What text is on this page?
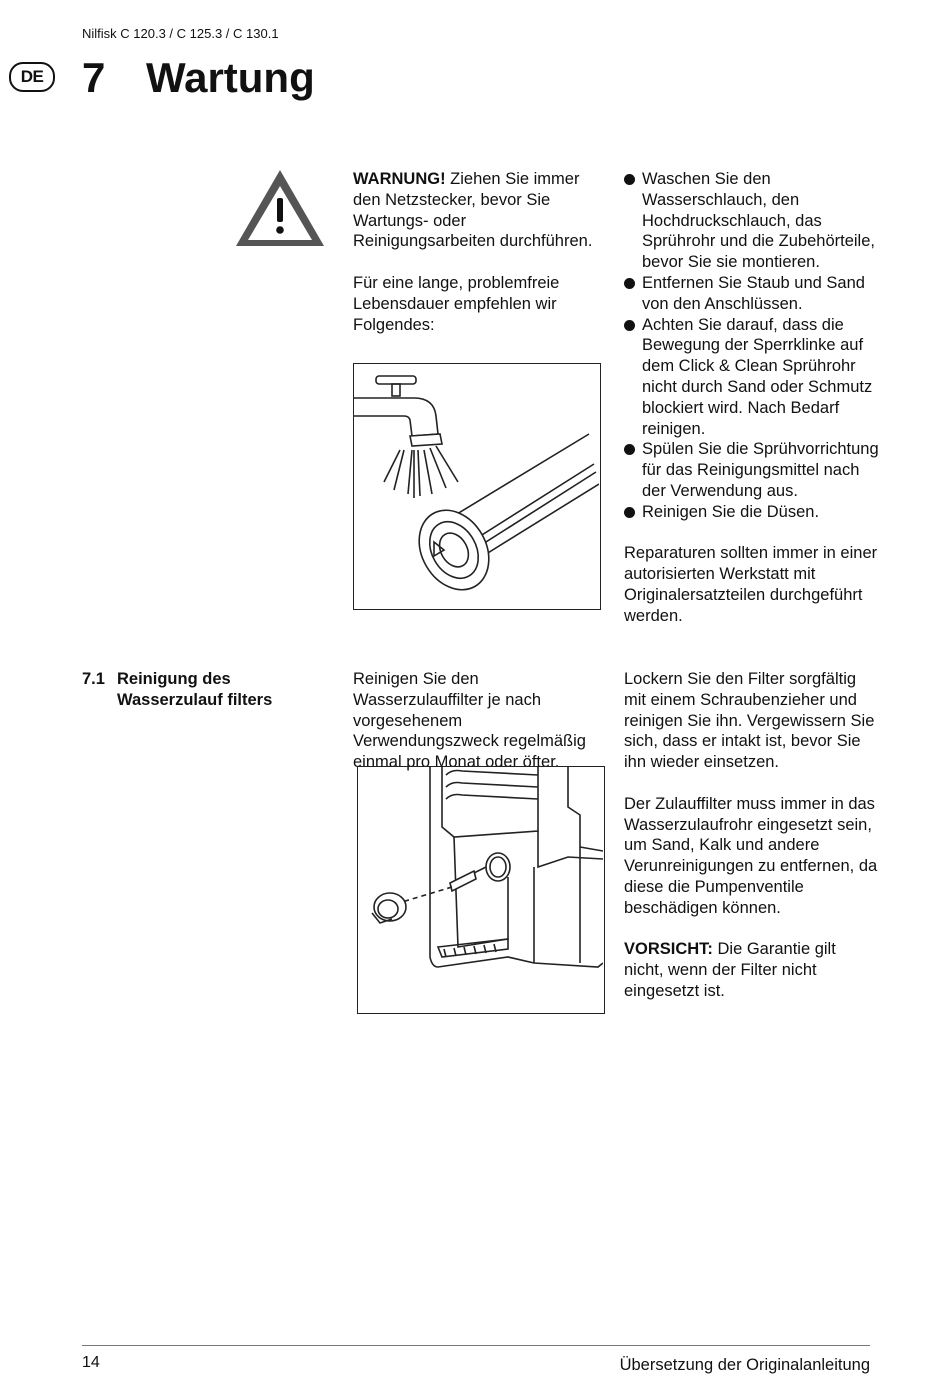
Nilfisk C 120.3 / C 125.3 / C 130.1
DE 7 Wartung

WARNUNG! Ziehen Sie immer den Netzstecker, bevor Sie Wartungs- oder Reinigungsarbeiten durchführen.

Für eine lange, problemfreie Lebensdauer empfehlen wir Folgendes:

Waschen Sie den Wasserschlauch, den Hochdruckschlauch, das Sprührohr und die Zubehörteile, bevor Sie sie montieren.
Entfernen Sie Staub und Sand von den Anschlüssen.
Achten Sie darauf, dass die Bewegung der Sperrklinke auf dem Click & Clean Sprührohr nicht durch Sand oder Schmutz blockiert wird. Nach Bedarf reinigen.
Spülen Sie die Sprühvorrichtung für das Reinigungsmittel nach der Verwendung aus.
Reinigen Sie die Düsen.

Reparaturen sollten immer in einer autorisierten Werkstatt mit Originalersatzteilen durchgeführt werden.

7.1 Reinigung des Wasserzulauf filters

Reinigen Sie den Wasserzulauffilter je nach vorgesehenem Verwendungszweck regelmäßig einmal pro Monat oder öfter.

Lockern Sie den Filter sorgfältig mit einem Schraubenzieher und reinigen Sie ihn. Vergewissern Sie sich, dass er intakt ist, bevor Sie ihn wieder einsetzen.

Der Zulauffilter muss immer in das Wasserzulaufrohr eingesetzt sein, um Sand, Kalk und andere Verunreinigungen zu entfernen, da diese die Pumpenventile beschädigen können.

VORSICHT: Die Garantie gilt nicht, wenn der Filter nicht eingesetzt ist.

14	Übersetzung der Originalanleitung
